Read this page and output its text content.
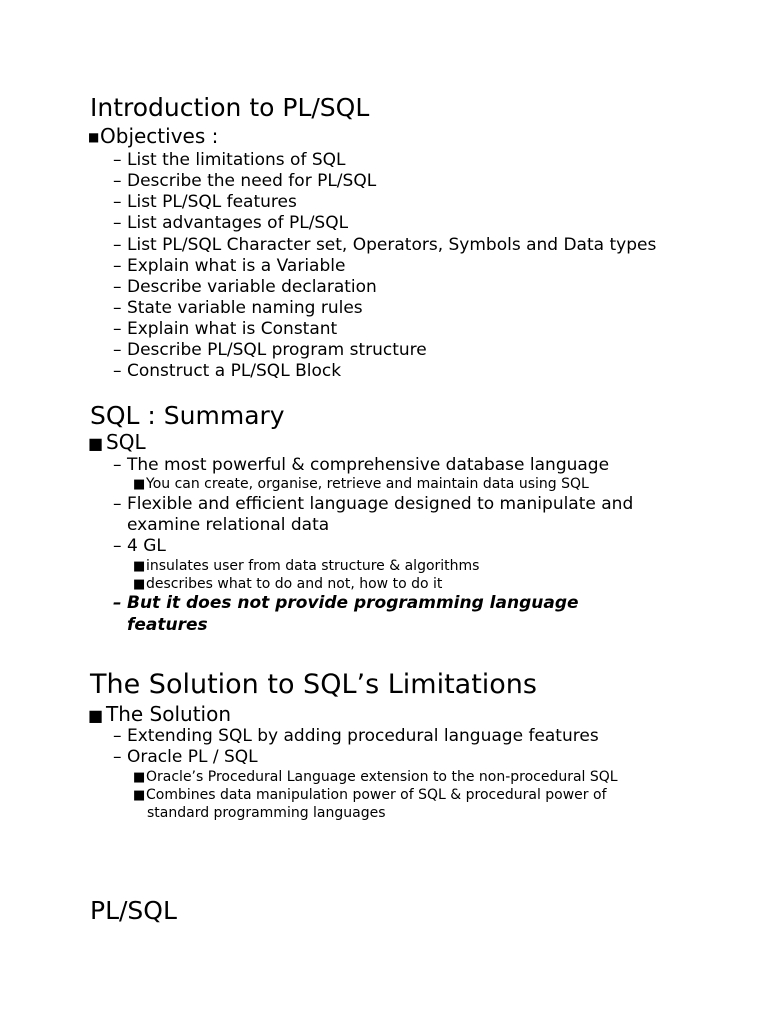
Introduction to PL/SQL
■Objectives :
– List the limitations of SQL
– Describe the need for PL/SQL
– List PL/SQL features
– List advantages of PL/SQL
– List PL/SQL Character set, Operators, Symbols and Data types
– Explain what is a Variable
– Describe variable declaration
– State variable naming rules
– Explain what is Constant
– Describe PL/SQL program structure
– Construct a PL/SQL Block
SQL : Summary
■ SQL
– The most powerful & comprehensive database language
■You can create, organise, retrieve and maintain data using SQL
– Flexible and efficient language designed to manipulate and
examine relational data
– 4 GL
■insulates user from data structure & algorithms
■describes what to do and not, how to do it
– But it does not provide programming language
features
The Solution to SQL’s Limitations
■ The Solution
– Extending SQL by adding procedural language features
– Oracle PL / SQL
■Oracle’s Procedural Language extension to the non-procedural SQL
■Combines data manipulation power of SQL & procedural power of
standard programming languages
PL/SQL
